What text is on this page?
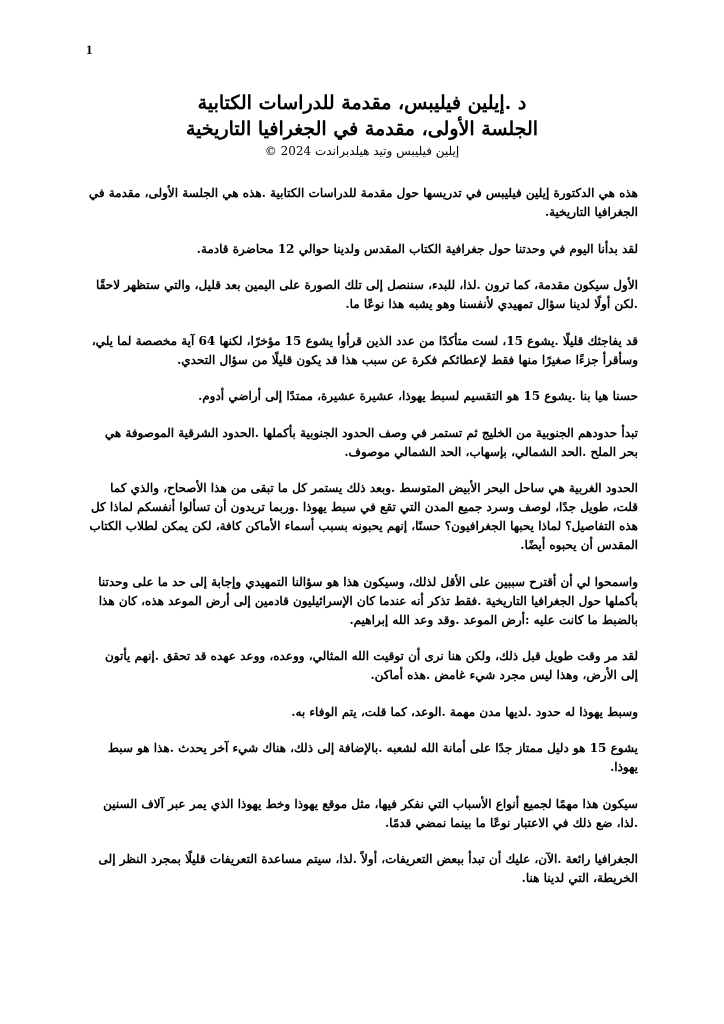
1

د .إيلين فيليبس، مقدمة للدراسات الكتابية

الجلسة الأولى، مقدمة في الجغرافيا التاريخية

إيلين فيليبس وتيد هيلدبراندت 2024 ©

هذه هي الدكتورة إيلين فيليبس في تدريسها حول مقدمة للدراسات الكتابية .هذه هي الجلسة الأولى، مقدمة في الجغرافيا التاريخية.

لقد بدأنا اليوم في وحدتنا حول جغرافية الكتاب المقدس ولدينا حوالي 12 محاضرة قادمة.

الأول سيكون مقدمة، كما ترون .لذا، للبدء، سننصل إلى تلك الصورة على اليمين بعد قليل، والتي ستظهر لاحقًا .لكن أولًا لدينا سؤال تمهيدي لأنفسنا وهو يشبه هذا نوعًا ما.

قد يفاجئك قليلًا .يشوع 15، لست متأكدًا من عدد الذين قرأوا يشوع 15 مؤخرًا، لكنها 64 آية مخصصة لما يلي، وسأقرأ جزءًا صغيرًا منها فقط لإعطائكم فكرة عن سبب هذا قد يكون قليلًا من سؤال التحدي.

حسنا هيا بنا .يشوع 15 هو التقسيم لسبط يهوذا، عشيرة عشيرة، ممتدًا إلى أراضي أدوم.

تبدأ حدودهم الجنوبية من الخليج ثم تستمر في وصف الحدود الجنوبية بأكملها .الحدود الشرقية الموصوفة هي بحر الملح .الحد الشمالي، بإسهاب، الحد الشمالي موصوف.

الحدود الغربية هي ساحل البحر الأبيض المتوسط .وبعد ذلك يستمر كل ما تبقى من هذا الأصحاح، والذي كما قلت، طويل جدًا، لوصف وسرد جميع المدن التي تقع في سبط يهوذا .وربما تريدون أن تسألوا أنفسكم لماذا كل هذه التفاصيل؟ لماذا يحبها الجغرافيون؟ حسنًا، إنهم يحبونه بسبب أسماء الأماكن كافة، لكن يمكن لطلاب الكتاب المقدس أن يحبوه أيضًا.

واسمحوا لي أن أقترح سببين على الأقل لذلك، وسيكون هذا هو سؤالنا التمهيدي وإجابة إلى حد ما على وحدتنا بأكملها حول الجغرافيا التاريخية .فقط تذكر أنه عندما كان الإسرائيليون قادمين إلى أرض الموعد هذه، كان هذا بالضبط ما كانت عليه :أرض الموعد .وقد وعد الله إبراهيم.

لقد مر وقت طويل قبل ذلك، ولكن هنا نرى أن توقيت الله المثالي، ووعده، ووعد عهده قد تحقق .إنهم يأتون إلى الأرض، وهذا ليس مجرد شيء غامض .هذه أماكن.

وسبط يهوذا له حدود .لديها مدن مهمة .الوعد، كما قلت، يتم الوفاء به.

يشوع 15 هو دليل ممتاز جدًا على أمانة الله لشعبه .بالإضافة إلى ذلك، هناك شيء آخر يحدث .هذا هو سبط يهوذا.

سيكون هذا مهمًا لجميع أنواع الأسباب التي نفكر فيها، مثل موقع يهوذا وخط يهوذا الذي يمر عبر آلاف السنين .لذا، ضع ذلك في الاعتبار نوعًا ما بينما نمضي قدمًا.

الجغرافيا رائعة .الآن، عليك أن تبدأ ببعض التعريفات، أولاً .لذا، سيتم مساعدة التعريفات قليلًا بمجرد النظر إلى الخريطة، التي لدينا هنا.
